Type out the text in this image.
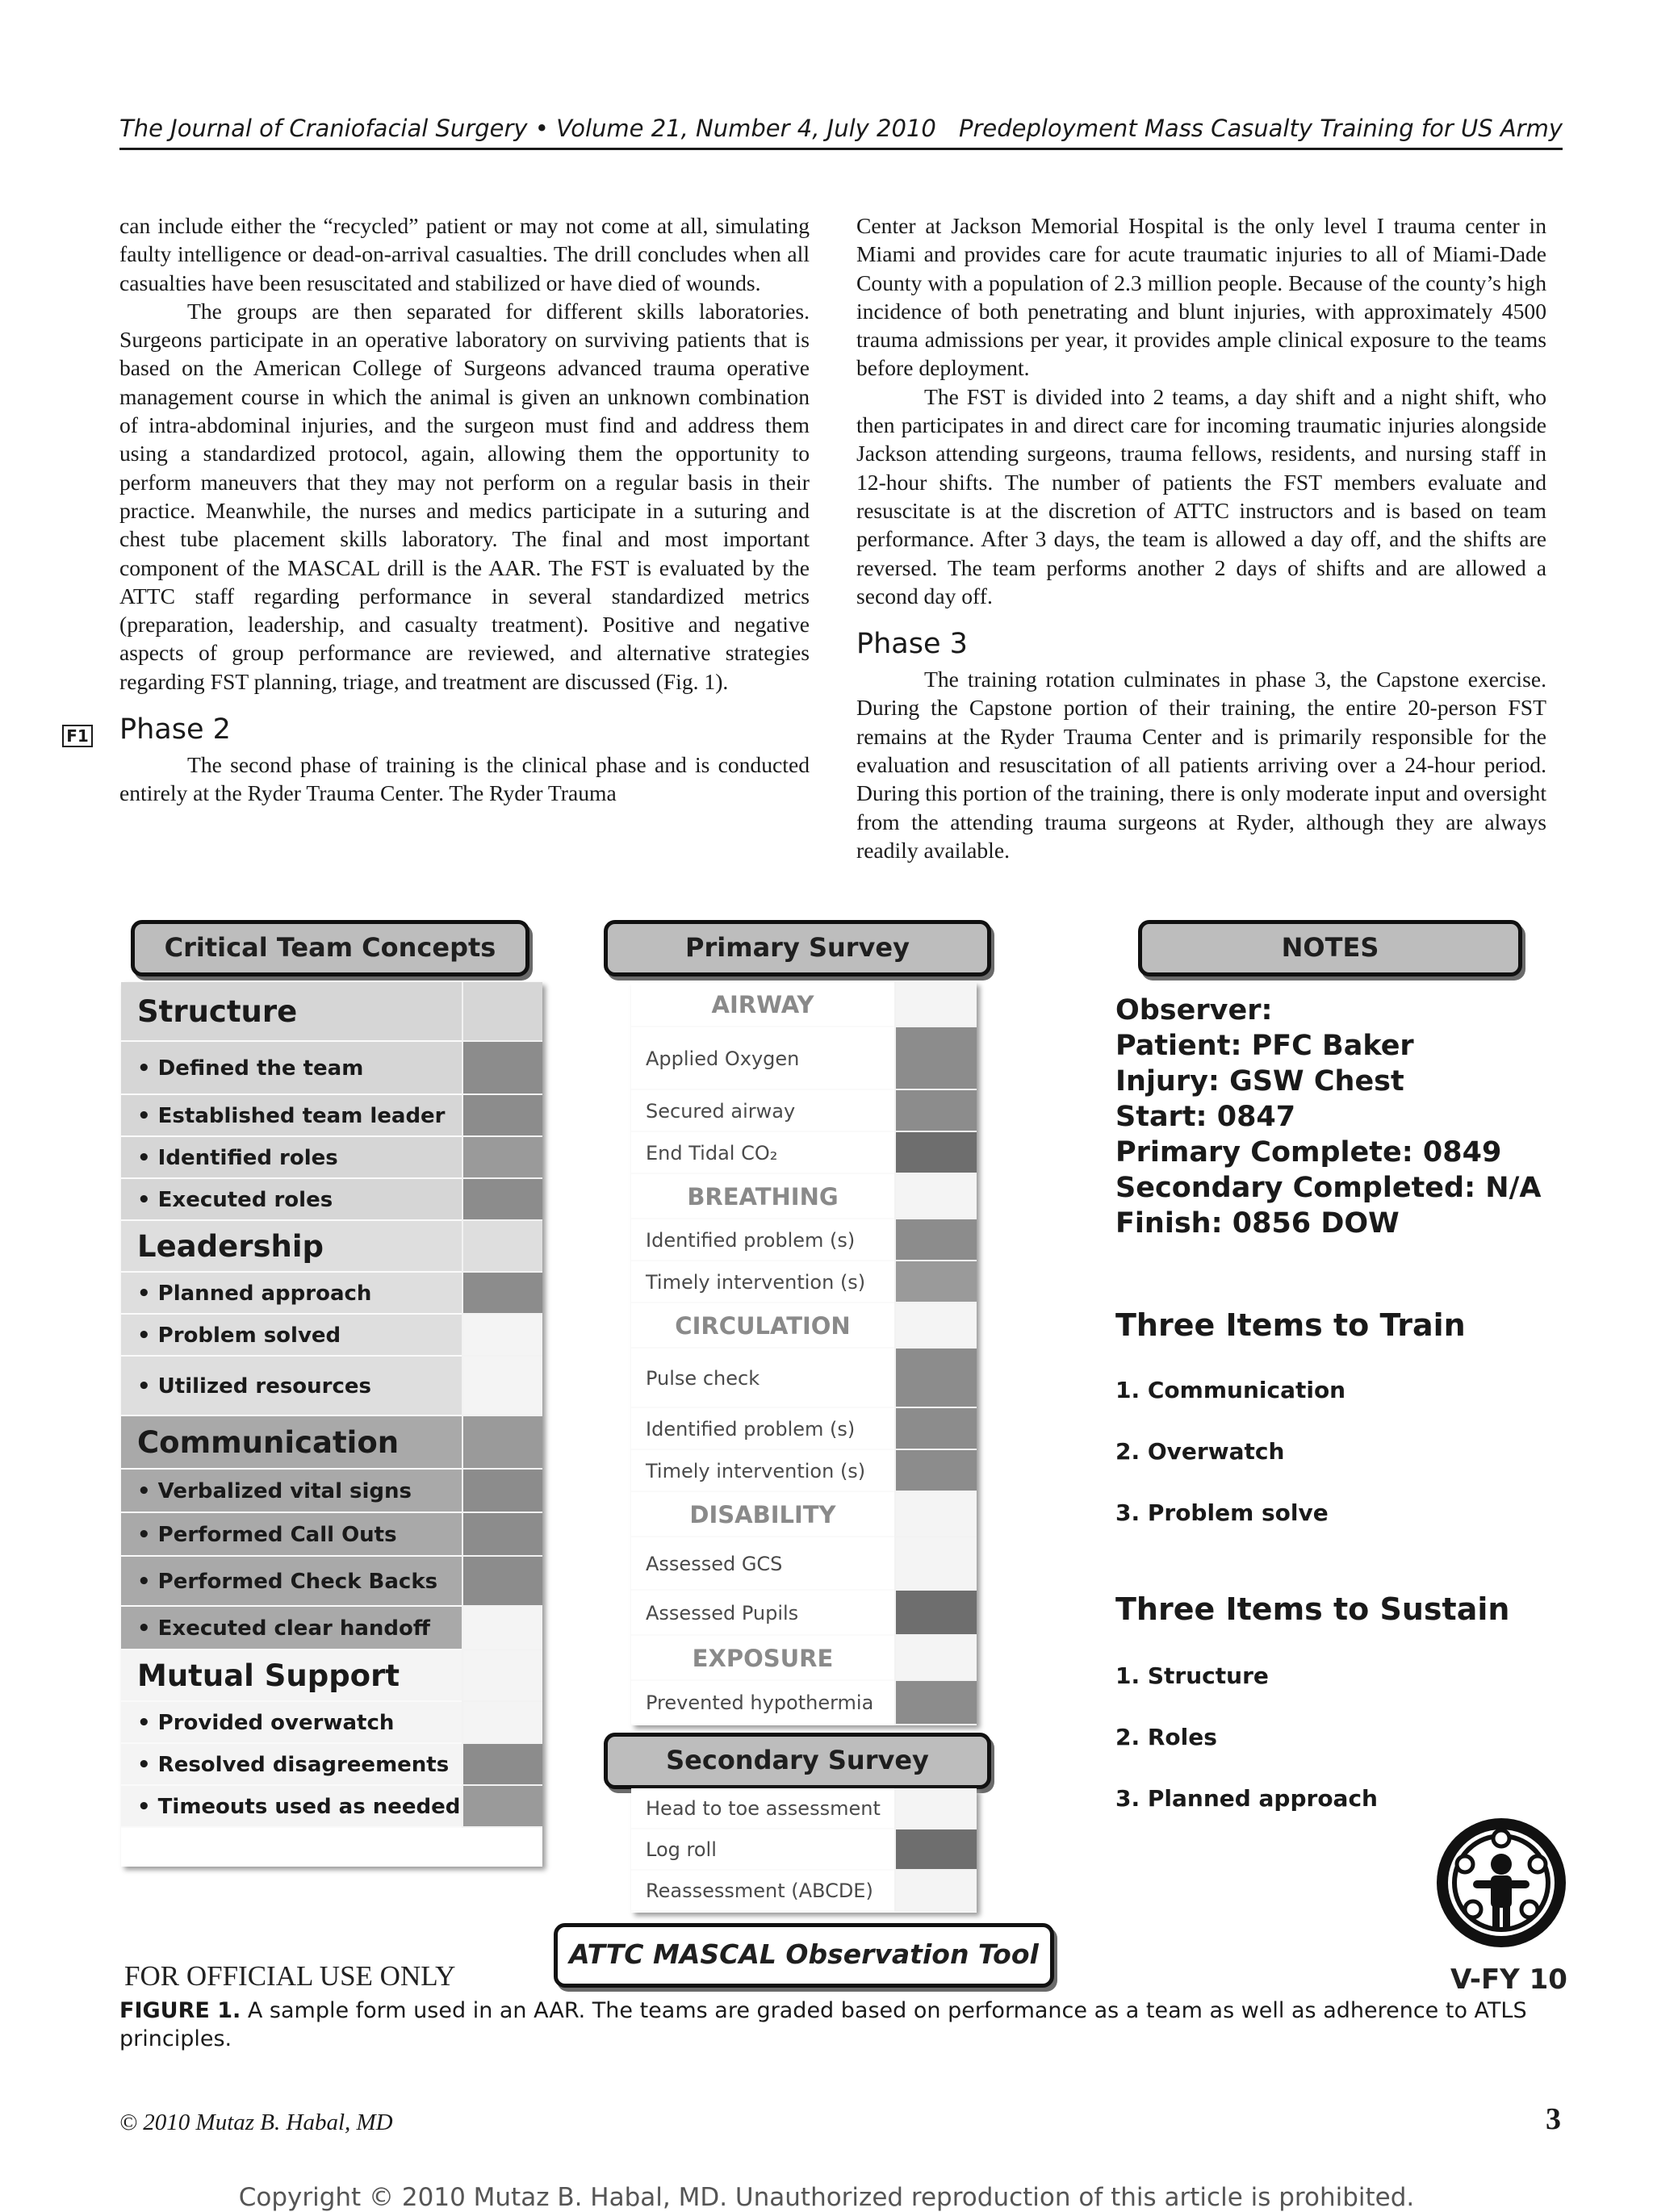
The Journal of Craniofacial Surgery • Volume 21, Number 4, July 2010 Predeployment Mass Casualty Training for US Army

can include either the “recycled” patient or may not come at all, simulating faulty intelligence or dead-on-arrival casualties. The drill concludes when all casualties have been resuscitated and stabilized or have died of wounds.

The groups are then separated for different skills laboratories. Surgeons participate in an operative laboratory on surviving patients that is based on the American College of Surgeons advanced trauma operative management course in which the animal is given an unknown combination of intra-abdominal injuries, and the surgeon must find and address them using a standardized protocol, again, allowing them the opportunity to perform maneuvers that they may not perform on a regular basis in their practice. Meanwhile, the nurses and medics participate in a suturing and chest tube placement skills laboratory. The final and most important component of the MASCAL drill is the AAR. The FST is evaluated by the ATTC staff regarding performance in several standardized metrics (preparation, leadership, and casualty treatment). Positive and negative aspects of group performance are reviewed, and alternative strategies regarding FST planning, triage, and treatment are discussed (Fig. 1).

Phase 2

The second phase of training is the clinical phase and is conducted entirely at the Ryder Trauma Center. The Ryder Trauma

F1

Center at Jackson Memorial Hospital is the only level I trauma center in Miami and provides care for acute traumatic injuries to all of Miami-Dade County with a population of 2.3 million people. Because of the county’s high incidence of both penetrating and blunt injuries, with approximately 4500 trauma admissions per year, it provides ample clinical exposure to the teams before deployment.

The FST is divided into 2 teams, a day shift and a night shift, who then participates in and direct care for incoming traumatic injuries alongside Jackson attending surgeons, trauma fellows, residents, and nursing staff in 12-hour shifts. The number of patients the FST members evaluate and resuscitate is at the discretion of ATTC instructors and is based on team performance. After 3 days, the team is allowed a day off, and the shifts are reversed. The team performs another 2 days of shifts and are allowed a second day off.

Phase 3

The training rotation culminates in phase 3, the Capstone exercise. During the Capstone portion of their training, the entire 20-person FST remains at the Ryder Trauma Center and is primarily responsible for the evaluation and resuscitation of all patients arriving over a 24-hour period. During this portion of the training, there is only moderate input and oversight from the attending trauma surgeons at Ryder, although they are always readily available.

Critical Team Concepts	Primary Survey	NOTES
Secondary Survey
ATTC MASCAL Observation Tool
Structure
• Defined the team
• Established team leader
• Identified roles
• Executed roles
Leadership
• Planned approach
• Problem solved
• Utilized resources
Communication
• Verbalized vital signs
• Performed Call Outs
• Performed Check Backs
• Executed clear handoff
Mutual Support
• Provided overwatch
• Resolved disagreements
• Timeouts used as needed
AIRWAY
Applied Oxygen
Secured airway
End Tidal CO₂
BREATHING
Identified problem (s)
Timely intervention (s)
CIRCULATION
Pulse check
Identified problem (s)
Timely intervention (s)
DISABILITY
Assessed GCS
Assessed Pupils
EXPOSURE
Prevented hypothermia
Head to toe assessment
Log roll
Reassessment (ABCDE)
Observer:
Patient: PFC Baker
Injury: GSW Chest
Start: 0847
Primary Complete: 0849
Secondary Completed: N/A
Finish: 0856 DOW
Three Items to Train
1. Communication
2. Overwatch
3. Problem solve
Three Items to Sustain
1. Structure
2. Roles
3. Planned approach
FOR OFFICIAL USE ONLY	V-FY 10
FIGURE 1. A sample form used in an AAR. The teams are graded based on performance as a team as well as adherence to ATLS principles.
© 2010 Mutaz B. Habal, MD	3
Copyright © 2010 Mutaz B. Habal, MD. Unauthorized reproduction of this article is prohibited.
